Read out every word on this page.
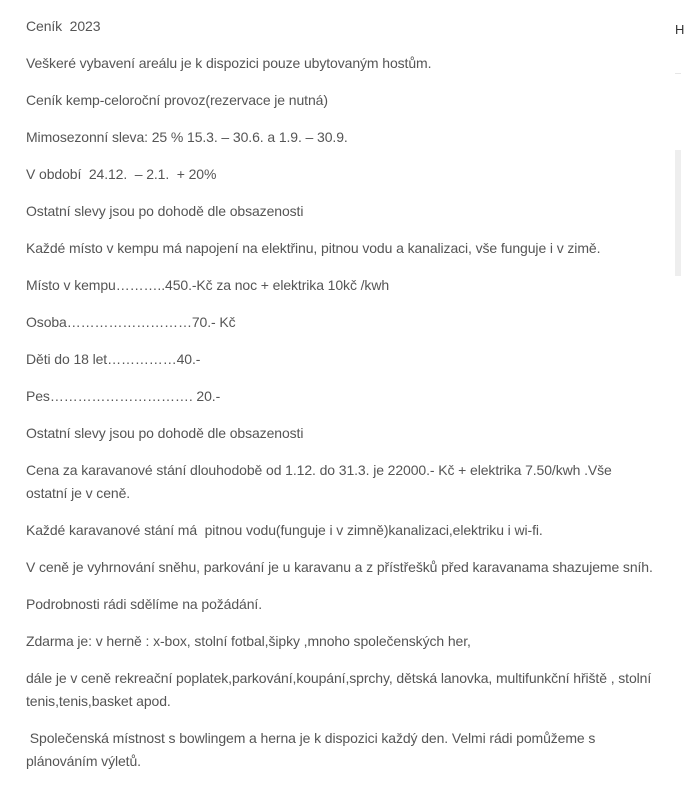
Ceník  2023

Veškeré vybavení areálu je k dispozici pouze ubytovaným hostům.

Ceník kemp-celoroční provoz(rezervace je nutná)

Mimosezonní sleva: 25 % 15.3. – 30.6. a 1.9. – 30.9.

V období  24.12.  – 2.1.  + 20%

Ostatní slevy jsou po dohodě dle obsazenosti

Každé místo v kempu má napojení na elektřinu, pitnou vodu a kanalizaci, vše funguje i v zimě.

Místo v kempu………..450.-Kč za noc + elektrika 10kč /kwh

Osoba………………………70.- Kč

Děti do 18 let……………40.-

Pes…………………………. 20.-

Ostatní slevy jsou po dohodě dle obsazenosti

Cena za karavanové stání dlouhodobě od 1.12. do 31.3. je 22000.- Kč + elektrika 7.50/kwh .Vše ostatní je v ceně.

Každé karavanové stání má  pitnou vodu(funguje i v zimně)kanalizaci,elektriku i wi-fi.

V ceně je vyhrnování sněhu, parkování je u karavanu a z přístřešků před karavanama shazujeme sníh.

Podrobnosti rádi sdělíme na požádání.

Zdarma je: v herně : x-box, stolní fotbal,šipky ,mnoho společenských her,

dále je v ceně rekreační poplatek,parkování,koupání,sprchy, dětská lanovka, multifunkční hřiště , stolní tenis,tenis,basket apod.

Společenská místnost s bowlingem a herna je k dispozici každý den. Velmi rádi pomůžeme s plánováním výletů.

H
